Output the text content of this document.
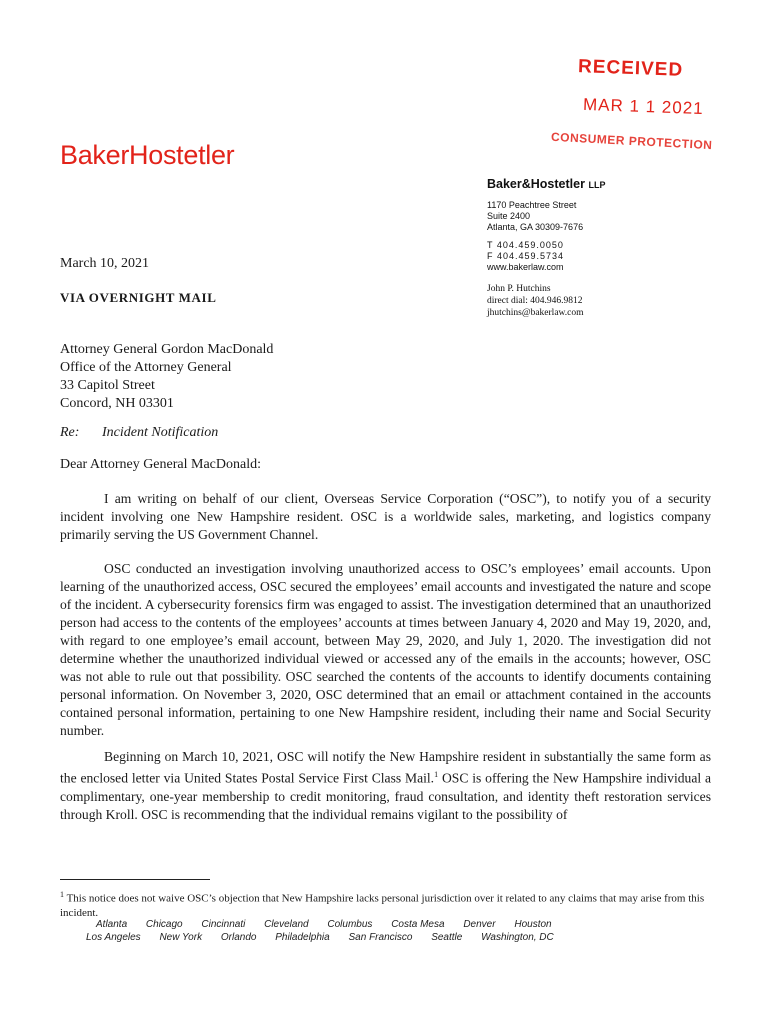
RECEIVED
MAR 1 1 2021
CONSUMER PROTECTION
BakerHostetler
Baker&Hostetler LLP
1170 Peachtree Street
Suite 2400
Atlanta, GA 30309-7676
T 404.459.0050
F 404.459.5734
www.bakerlaw.com
John P. Hutchins
direct dial: 404.946.9812
jhutchins@bakerlaw.com
March 10, 2021
VIA OVERNIGHT MAIL
Attorney General Gordon MacDonald
Office of the Attorney General
33 Capitol Street
Concord, NH 03301
Re: Incident Notification
Dear Attorney General MacDonald:
I am writing on behalf of our client, Overseas Service Corporation (“OSC”), to notify you of a security incident involving one New Hampshire resident. OSC is a worldwide sales, marketing, and logistics company primarily serving the US Government Channel.
OSC conducted an investigation involving unauthorized access to OSC’s employees’ email accounts. Upon learning of the unauthorized access, OSC secured the employees’ email accounts and investigated the nature and scope of the incident. A cybersecurity forensics firm was engaged to assist. The investigation determined that an unauthorized person had access to the contents of the employees’ accounts at times between January 4, 2020 and May 19, 2020, and, with regard to one employee’s email account, between May 29, 2020, and July 1, 2020. The investigation did not determine whether the unauthorized individual viewed or accessed any of the emails in the accounts; however, OSC was not able to rule out that possibility. OSC searched the contents of the accounts to identify documents containing personal information. On November 3, 2020, OSC determined that an email or attachment contained in the accounts contained personal information, pertaining to one New Hampshire resident, including their name and Social Security number.
Beginning on March 10, 2021, OSC will notify the New Hampshire resident in substantially the same form as the enclosed letter via United States Postal Service First Class Mail.$^1$ OSC is offering the New Hampshire individual a complimentary, one-year membership to credit monitoring, fraud consultation, and identity theft restoration services through Kroll. OSC is recommending that the individual remains vigilant to the possibility of
$^1$ This notice does not waive OSC’s objection that New Hampshire lacks personal jurisdiction over it related to any claims that may arise from this incident.
Atlanta Chicago Cincinnati Cleveland Columbus Costa Mesa Denver Houston
Los Angeles New York Orlando Philadelphia San Francisco Seattle Washington, DC
